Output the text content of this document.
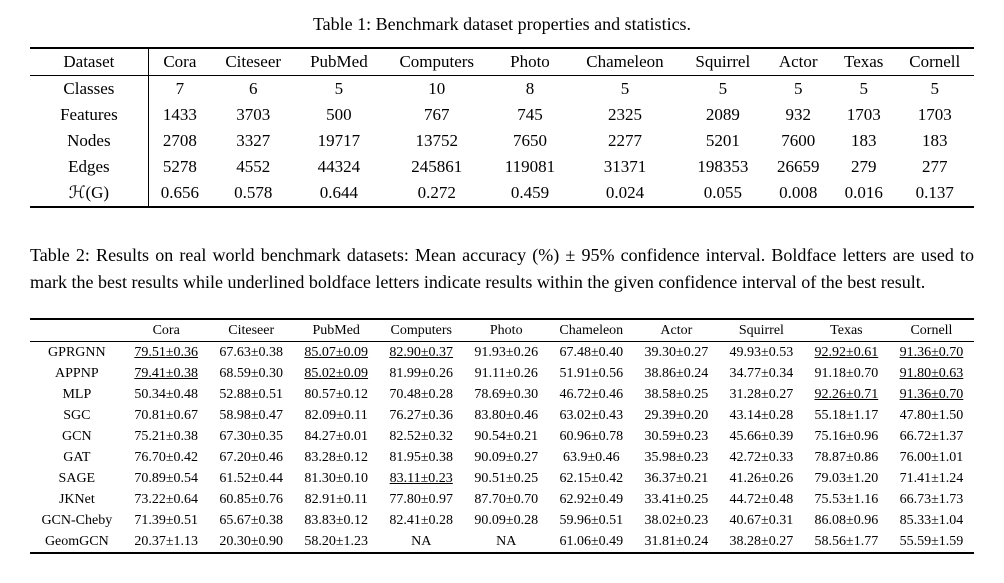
Table 1: Benchmark dataset properties and statistics.
Dataset	Cora	Citeseer	PubMed	Computers	Photo	Chameleon	Squirrel	Actor	Texas	Cornell
Classes	7	6	5	10	8	5	5	5	5	5
Features	1433	3703	500	767	745	2325	2089	932	1703	1703
Nodes	2708	3327	19717	13752	7650	2277	5201	7600	183	183
Edges	5278	4552	44324	245861	119081	31371	198353	26659	279	277
ℋ(G)	0.656	0.578	0.644	0.272	0.459	0.024	0.055	0.008	0.016	0.137
Table 2: Results on real world benchmark datasets: Mean accuracy (%) ± 95% confidence interval. Boldface letters are used to mark the best results while underlined boldface letters indicate results within the given confidence interval of the best result.
	Cora	Citeseer	PubMed	Computers	Photo	Chameleon	Actor	Squirrel	Texas	Cornell
GPRGNN	79.51±0.36	67.63±0.38	85.07±0.09	82.90±0.37	91.93±0.26	67.48±0.40	39.30±0.27	49.93±0.53	92.92±0.61	91.36±0.70
APPNP	79.41±0.38	68.59±0.30	85.02±0.09	81.99±0.26	91.11±0.26	51.91±0.56	38.86±0.24	34.77±0.34	91.18±0.70	91.80±0.63
MLP	50.34±0.48	52.88±0.51	80.57±0.12	70.48±0.28	78.69±0.30	46.72±0.46	38.58±0.25	31.28±0.27	92.26±0.71	91.36±0.70
SGC	70.81±0.67	58.98±0.47	82.09±0.11	76.27±0.36	83.80±0.46	63.02±0.43	29.39±0.20	43.14±0.28	55.18±1.17	47.80±1.50
GCN	75.21±0.38	67.30±0.35	84.27±0.01	82.52±0.32	90.54±0.21	60.96±0.78	30.59±0.23	45.66±0.39	75.16±0.96	66.72±1.37
GAT	76.70±0.42	67.20±0.46	83.28±0.12	81.95±0.38	90.09±0.27	63.9±0.46	35.98±0.23	42.72±0.33	78.87±0.86	76.00±1.01
SAGE	70.89±0.54	61.52±0.44	81.30±0.10	83.11±0.23	90.51±0.25	62.15±0.42	36.37±0.21	41.26±0.26	79.03±1.20	71.41±1.24
JKNet	73.22±0.64	60.85±0.76	82.91±0.11	77.80±0.97	87.70±0.70	62.92±0.49	33.41±0.25	44.72±0.48	75.53±1.16	66.73±1.73
GCN-Cheby	71.39±0.51	65.67±0.38	83.83±0.12	82.41±0.28	90.09±0.28	59.96±0.51	38.02±0.23	40.67±0.31	86.08±0.96	85.33±1.04
GeomGCN	20.37±1.13	20.30±0.90	58.20±1.23	NA	NA	61.06±0.49	31.81±0.24	38.28±0.27	58.56±1.77	55.59±1.59
